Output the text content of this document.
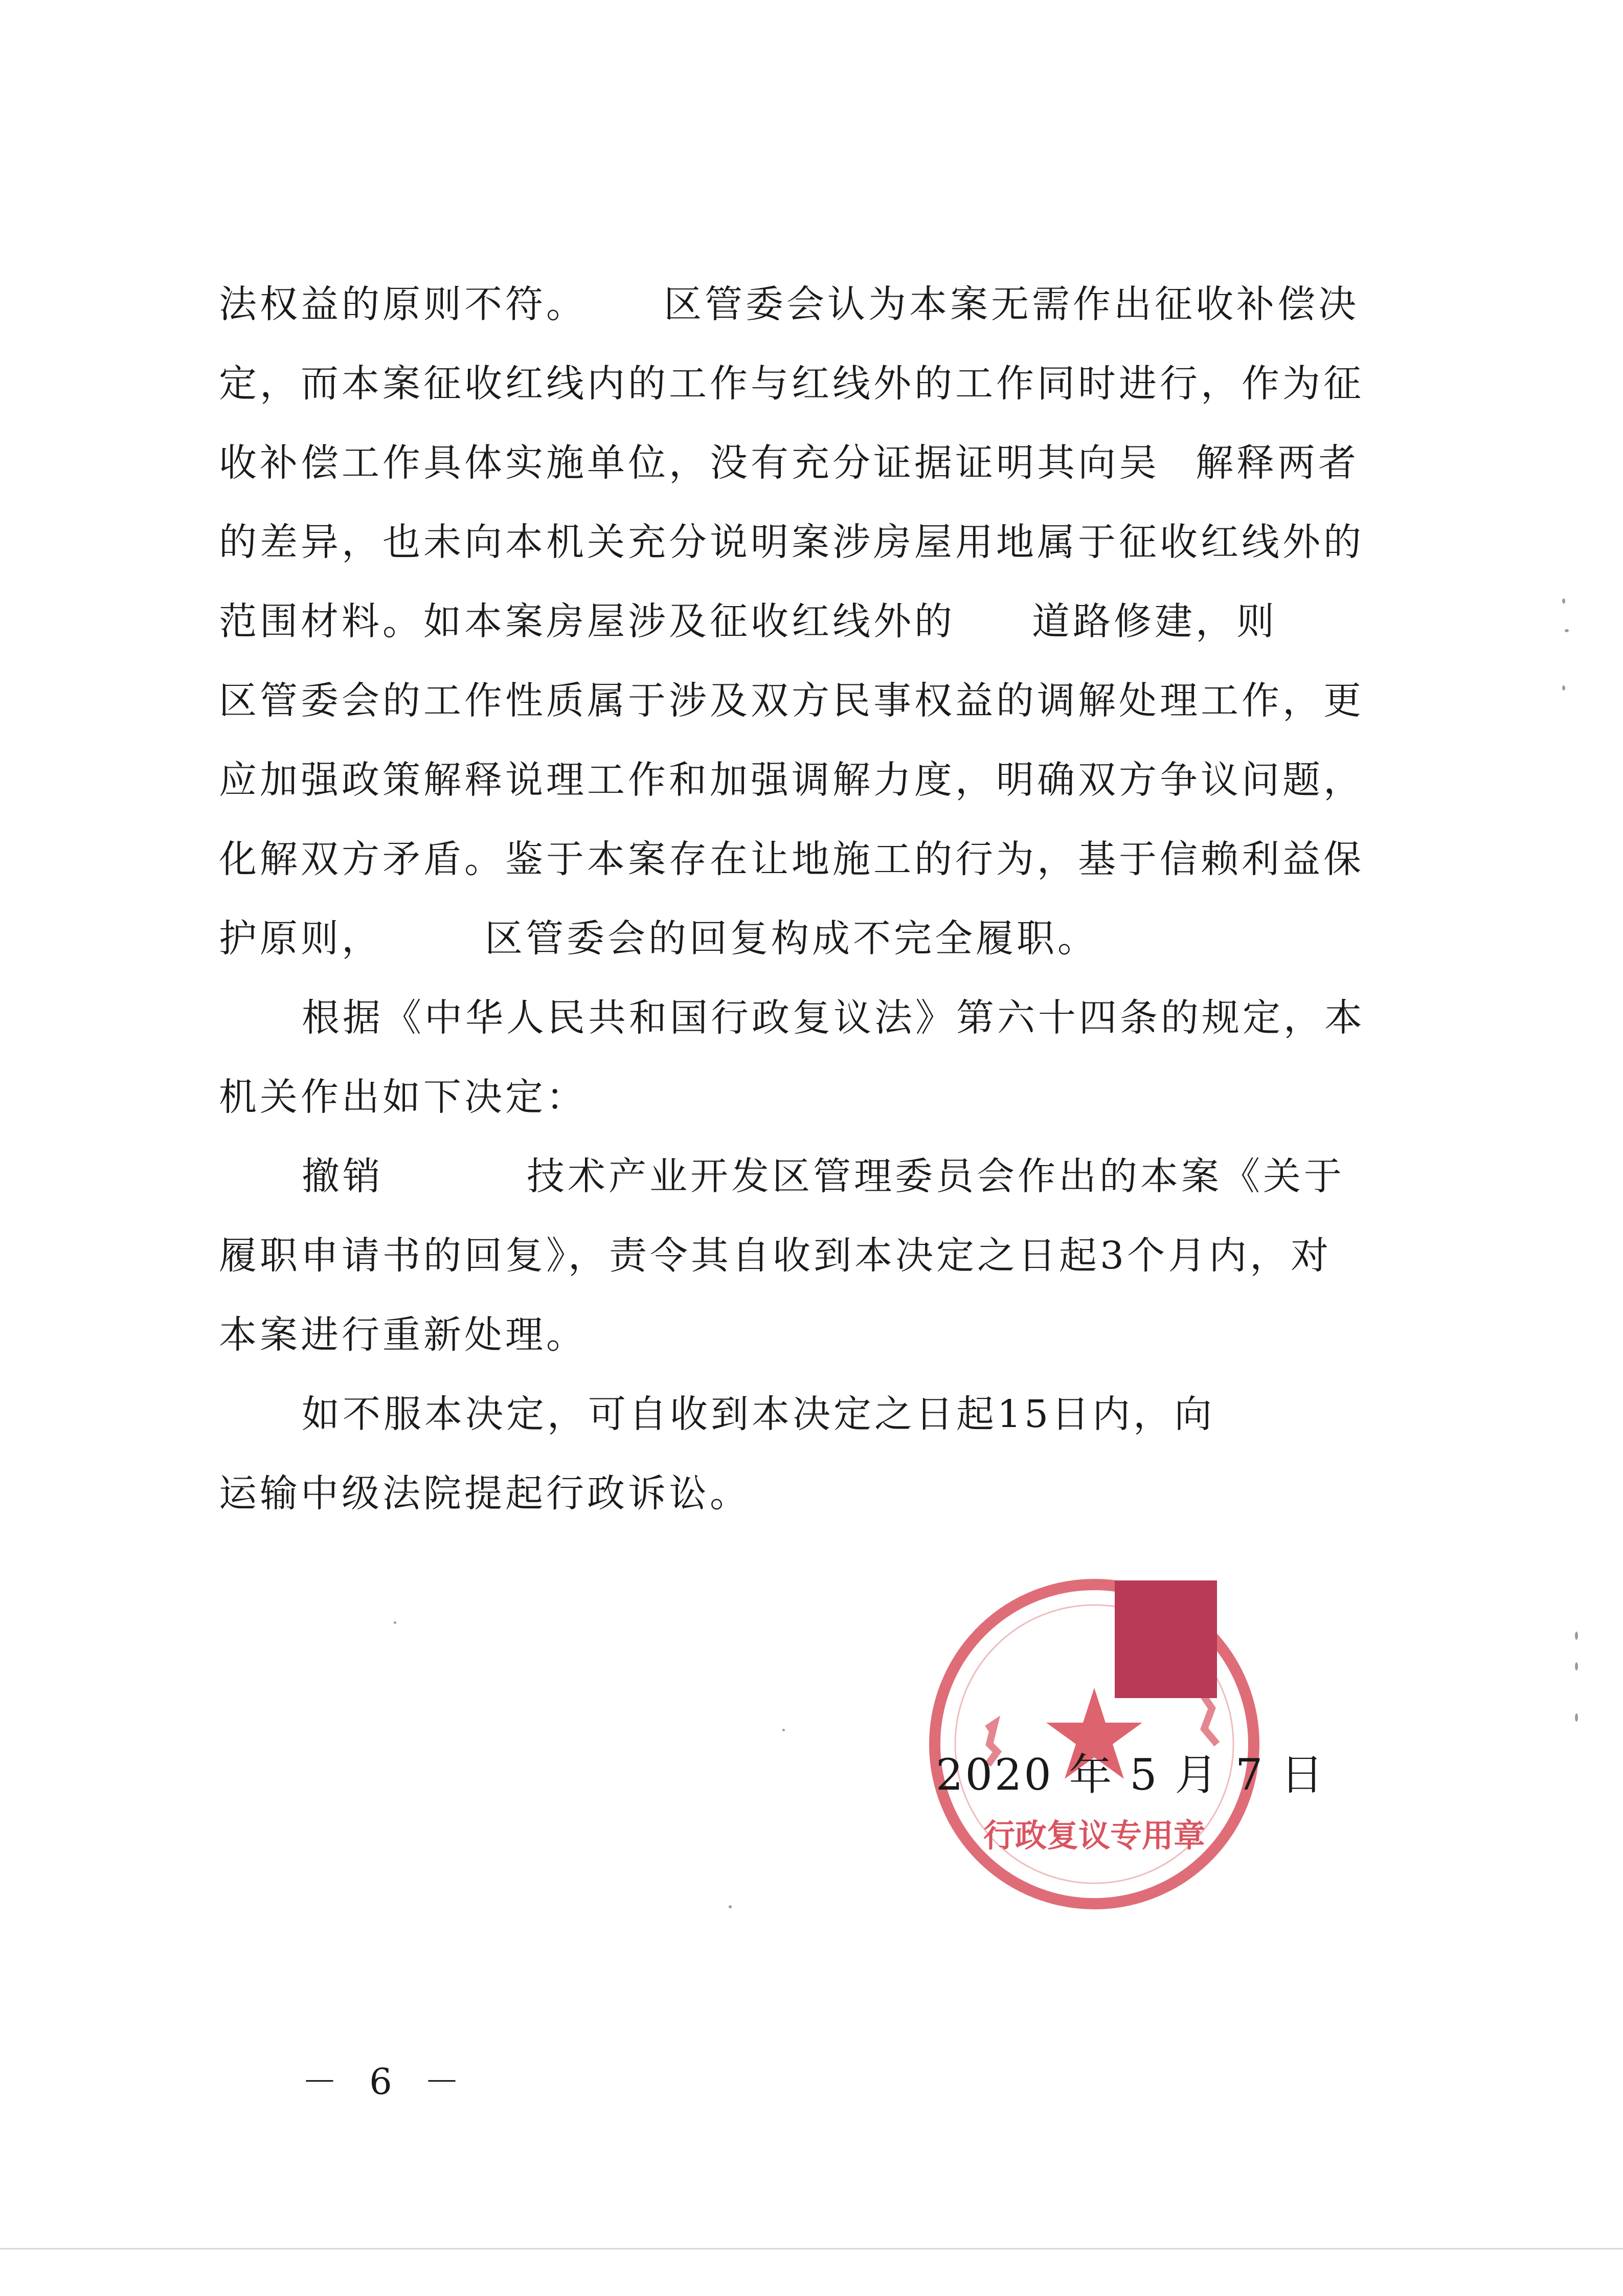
法权益的原则不符。 区管委会认为本案无需作出征收补偿决
定，而本案征收红线内的工作与红线外的工作同时进行，作为征
收补偿工作具体实施单位，没有充分证据证明其向吴 解释两者
的差异，也未向本机关充分说明案涉房屋用地属于征收红线外的
范围材料。如本案房屋涉及征收红线外的 道路修建，则
区管委会的工作性质属于涉及双方民事权益的调解处理工作，更
应加强政策解释说理工作和加强调解力度，明确双方争议问题，
化解双方矛盾。鉴于本案存在让地施工的行为，基于信赖利益保
护原则，	区管委会的回复构成不完全履职。
根据《中华人民共和国行政复议法》第六十四条的规定，本
机关作出如下决定：
撤销	技术产业开发区管理委员会作出的本案《关于
履职申请书的回复》，责令其自收到本决定之日起3个月内，对
本案进行重新处理。
如不服本决定，可自收到本决定之日起15日内，向
运输中级法院提起行政诉讼。
行政复议专用章
2020 年 5 月 7 日
－ 6 －
